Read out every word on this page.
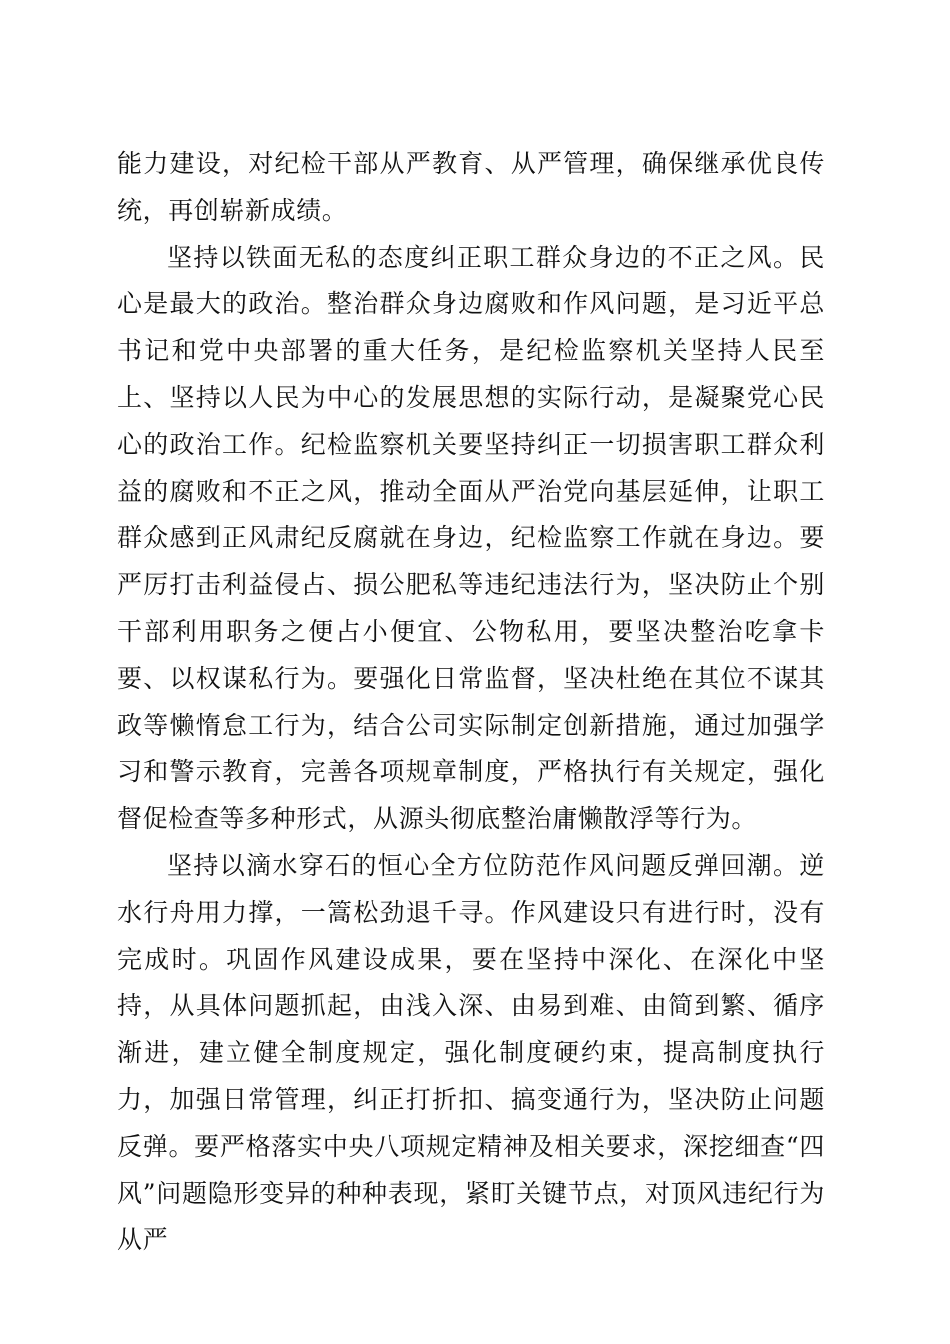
能力建设，对纪检干部从严教育、从严管理，确保继承优良传统，再创崭新成绩。

坚持以铁面无私的态度纠正职工群众身边的不正之风。民心是最大的政治。整治群众身边腐败和作风问题，是习近平总书记和党中央部署的重大任务，是纪检监察机关坚持人民至上、坚持以人民为中心的发展思想的实际行动，是凝聚党心民心的政治工作。纪检监察机关要坚持纠正一切损害职工群众利益的腐败和不正之风，推动全面从严治党向基层延伸，让职工群众感到正风肃纪反腐就在身边，纪检监察工作就在身边。要严厉打击利益侵占、损公肥私等违纪违法行为，坚决防止个别干部利用职务之便占小便宜、公物私用，要坚决整治吃拿卡要、以权谋私行为。要强化日常监督，坚决杜绝在其位不谋其政等懒惰怠工行为，结合公司实际制定创新措施，通过加强学习和警示教育，完善各项规章制度，严格执行有关规定，强化督促检查等多种形式，从源头彻底整治庸懒散浮等行为。

坚持以滴水穿石的恒心全方位防范作风问题反弹回潮。逆水行舟用力撑，一篙松劲退千寻。作风建设只有进行时，没有完成时。巩固作风建设成果，要在坚持中深化、在深化中坚持，从具体问题抓起，由浅入深、由易到难、由简到繁、循序渐进，建立健全制度规定，强化制度硬约束，提高制度执行力，加强日常管理，纠正打折扣、搞变通行为，坚决防止问题反弹。要严格落实中央八项规定精神及相关要求，深挖细查“四风”问题隐形变异的种种表现，紧盯关键节点，对顶风违纪行为从严
